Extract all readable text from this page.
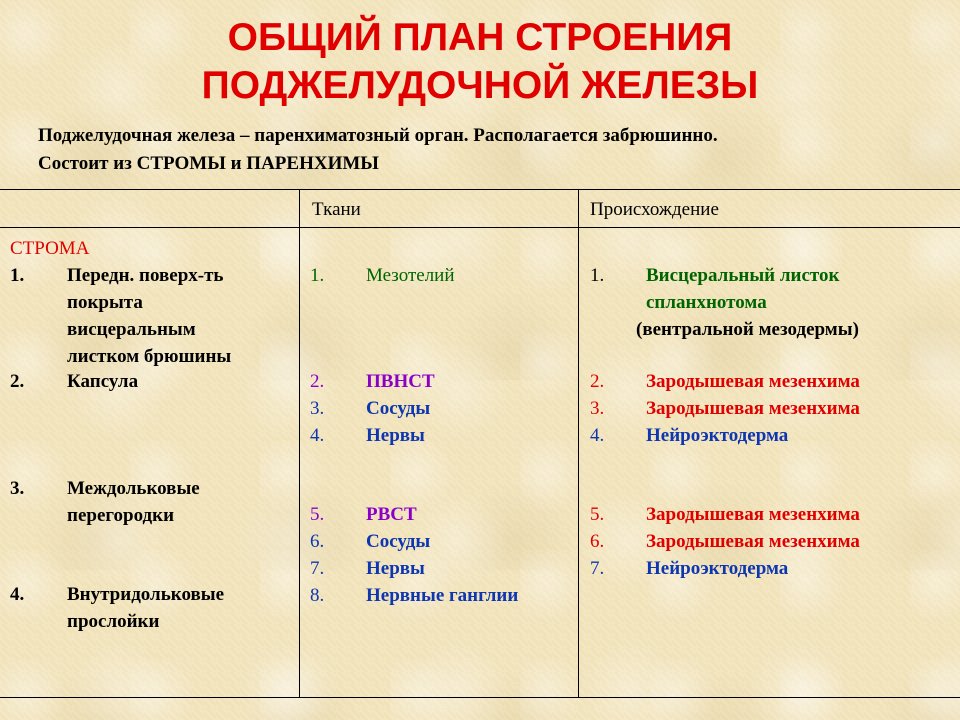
ОБЩИЙ ПЛАН СТРОЕНИЯ
ПОДЖЕЛУДОЧНОЙ ЖЕЛЕЗЫ
Поджелудочная железа – паренхиматозный орган. Располагается забрюшинно.
Состоит из СТРОМЫ и ПАРЕНХИМЫ
Ткани	Происхождение
СТРОМА
1. Передн. поверх-ть
покрыта
висцеральным
листком брюшины
2. Капсула
3. Междольковые
перегородки
4. Внутридольковые
прослойки
1. Мезотелий
2. ПВНСТ
3. Сосуды
4. Нервы
5. РВСТ
6. Сосуды
7. Нервы
8. Нервные ганглии
1. Висцеральный листок
спланхнотома
(вентральной мезодермы)
2. Зародышевая мезенхима
3. Зародышевая мезенхима
4. Нейроэктодерма
5. Зародышевая мезенхима
6. Зародышевая мезенхима
7. Нейроэктодерма
